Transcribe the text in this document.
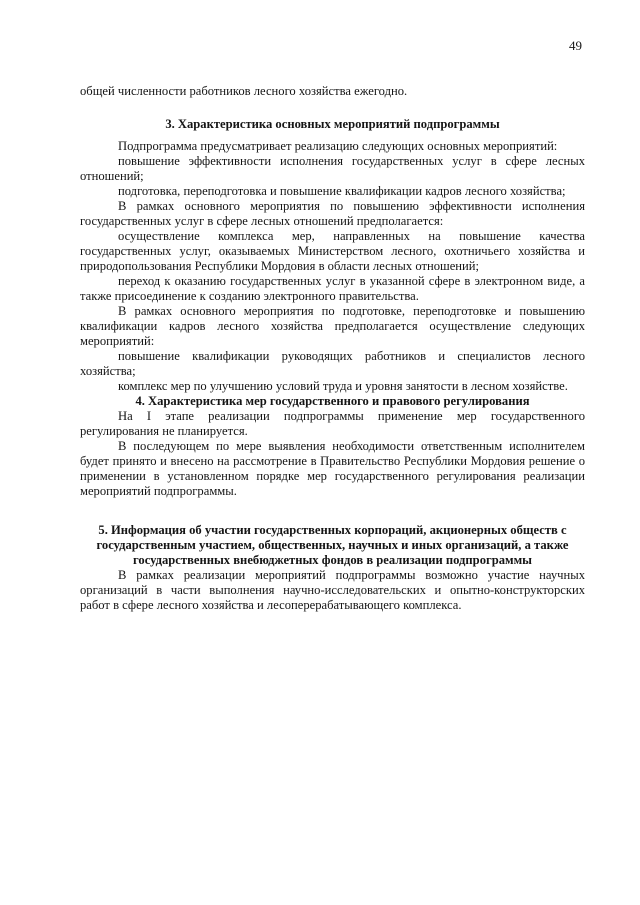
49

общей численности работников лесного хозяйства ежегодно.

3. Характеристика основных мероприятий подпрограммы

Подпрограмма предусматривает реализацию следующих основных мероприятий:

повышение эффективности исполнения государственных услуг в сфере лесных отношений;

подготовка, переподготовка и повышение квалификации кадров лесного хозяйства;

В рамках основного мероприятия по повышению эффективности исполнения государственных услуг в сфере лесных отношений предполагается:

осуществление комплекса мер, направленных на повышение качества государственных услуг, оказываемых Министерством лесного, охотничьего хозяйства и природопользования Республики Мордовия в области лесных отношений;

переход к оказанию государственных услуг в указанной сфере в электронном виде, а также присоединение к созданию электронного правительства.

В рамках основного мероприятия по подготовке, переподготовке и повышению квалификации кадров лесного хозяйства предполагается осуществление следующих мероприятий:

повышение квалификации руководящих работников и специалистов лесного хозяйства;

комплекс мер по улучшению условий труда и уровня занятости в лесном хозяйстве.

4. Характеристика мер государственного и правового регулирования

На I этапе реализации подпрограммы применение мер государственного регулирования не планируется.

В последующем по мере выявления необходимости ответственным исполнителем будет принято и внесено на рассмотрение в Правительство Республики Мордовия решение о применении в установленном порядке мер государственного регулирования реализации мероприятий подпрограммы.

5. Информация об участии государственных корпораций, акционерных обществ с государственным участием, общественных, научных и иных организаций, а также государственных внебюджетных фондов в реализации подпрограммы

В рамках реализации мероприятий подпрограммы возможно участие научных организаций в части выполнения научно-исследовательских и опытно-конструкторских работ в сфере лесного хозяйства и лесоперерабатывающего комплекса.
